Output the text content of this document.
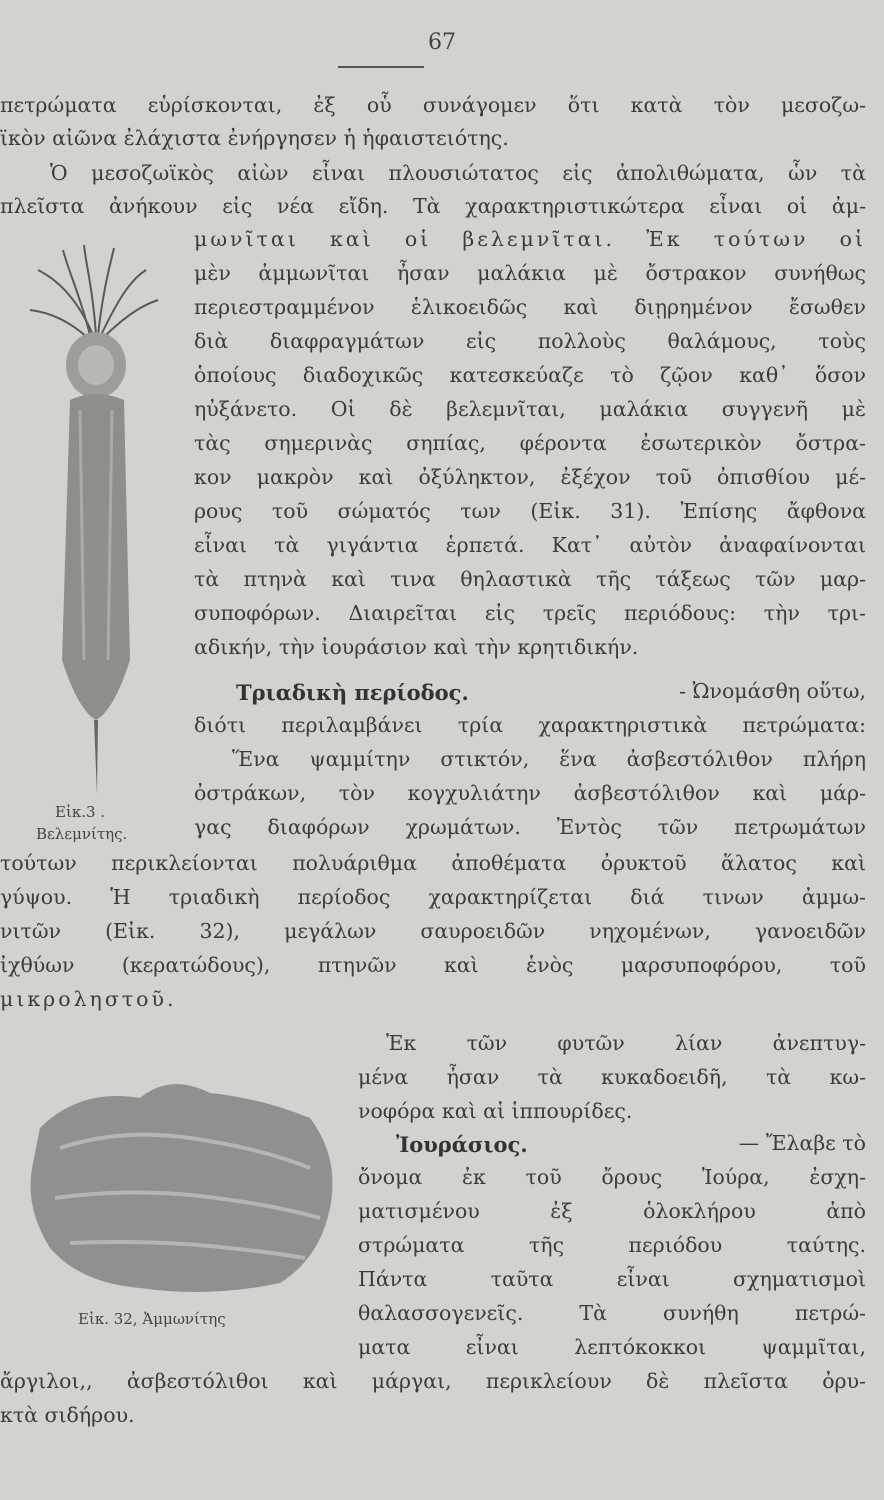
67
Εἰκ.3 .
Βελεμνίτης.
Εἰκ. 32, Ἀμμωνίτης
πετρώματα εὑρίσκονται, ἐξ οὗ συνάγομεν ὅτι κατὰ τὸν μεσοζω-
ϊκὸν αἰῶνα ἐλάχιστα ἐνήργησεν ἡ ἡφαιστειότης.
Ὁ μεσοζωϊκὸς αἰὼν εἶναι πλουσιώτατος εἰς ἀπολιθώματα, ὧν τὰ
πλεῖστα ἀνήκουν εἰς νέα εἴδη. Τὰ χαρακτηριστικώτερα εἶναι οἱ ἀμ-
μωνῖται καὶ οἱ βελεμνῖται. Ἐκ τούτων οἱ
μὲν ἀμμωνῖται ἦσαν μαλάκια μὲ ὄστρακον συνήθως
περιεστραμμένον ἑλικοειδῶς καὶ διῃρημένον ἔσωθεν
διὰ διαφραγμάτων εἰς πολλοὺς θαλάμους, τοὺς
ὁποίους διαδοχικῶς κατεσκεύαζε τὸ ζῷον καθ᾽ ὅσον
ηὐξάνετο. Οἱ δὲ βελεμνῖται, μαλάκια συγγενῆ μὲ
τὰς σημερινὰς σηπίας, φέροντα ἐσωτερικὸν ὄστρα-
κον μακρὸν καὶ ὀξύληκτον, ἐξέχον τοῦ ὀπισθίου μέ-
ρους τοῦ σώματός των (Εἰκ. 31). Ἐπίσης ἄφθονα
εἶναι τὰ γιγάντια ἑρπετά. Κατ᾽ αὐτὸν ἀναφαίνονται
τὰ πτηνὰ καὶ τινα θηλαστικὰ τῆς τάξεως τῶν μαρ-
συποφόρων. Διαιρεῖται εἰς τρεῖς περιόδους: τὴν τρι-
αδικήν, τὴν ἰουράσιον καὶ τὴν κρητιδικήν.
Τριαδικὴ περίοδος.	- Ὠνομάσθη οὕτω,
διότι περιλαμβάνει τρία χαρακτηριστικὰ πετρώματα:
Ἕνα ψαμμίτην στικτόν, ἕνα ἀσβεστόλιθον πλήρη
ὀστράκων, τὸν κογχυλιάτην ἀσβεστόλιθον καὶ μάρ-
γας διαφόρων χρωμάτων. Ἐντὸς τῶν πετρωμάτων
τούτων περικλείονται πολυάριθμα ἀποθέματα ὀρυκτοῦ ἅλατος καὶ
γύψου. Ἡ τριαδικὴ περίοδος χαρακτηρίζεται διά τινων ἀμμω-
νιτῶν (Εἰκ. 32), μεγάλων σαυροειδῶν νηχομένων, γανοειδῶν
ἰχθύων (κερατώδους), πτηνῶν καὶ ἑνὸς μαρσυποφόρου, τοῦ
μικροληστοῦ.
Ἐκ τῶν φυτῶν λίαν ἀνεπτυγ-
μένα ἦσαν τὰ κυκαδοειδῆ, τὰ κω-
νοφόρα καὶ αἱ ἱππουρίδες.
Ἰουράσιος.	— Ἔλαβε τὸ
ὄνομα ἐκ τοῦ ὄρους Ἰούρα, ἐσχη-
ματισμένου ἐξ ὁλοκλήρου ἀπὸ
στρώματα τῆς περιόδου ταύτης.
Πάντα ταῦτα εἶναι σχηματισμοὶ
θαλασσογενεῖς. Τὰ συνήθη πετρώ-
ματα εἶναι λεπτόκοκκοι ψαμμῖται,
ἄργιλοι,, ἀσβεστόλιθοι καὶ μάργαι, περικλείουν δὲ πλεῖστα ὀρυ-
κτὰ σιδήρου.
